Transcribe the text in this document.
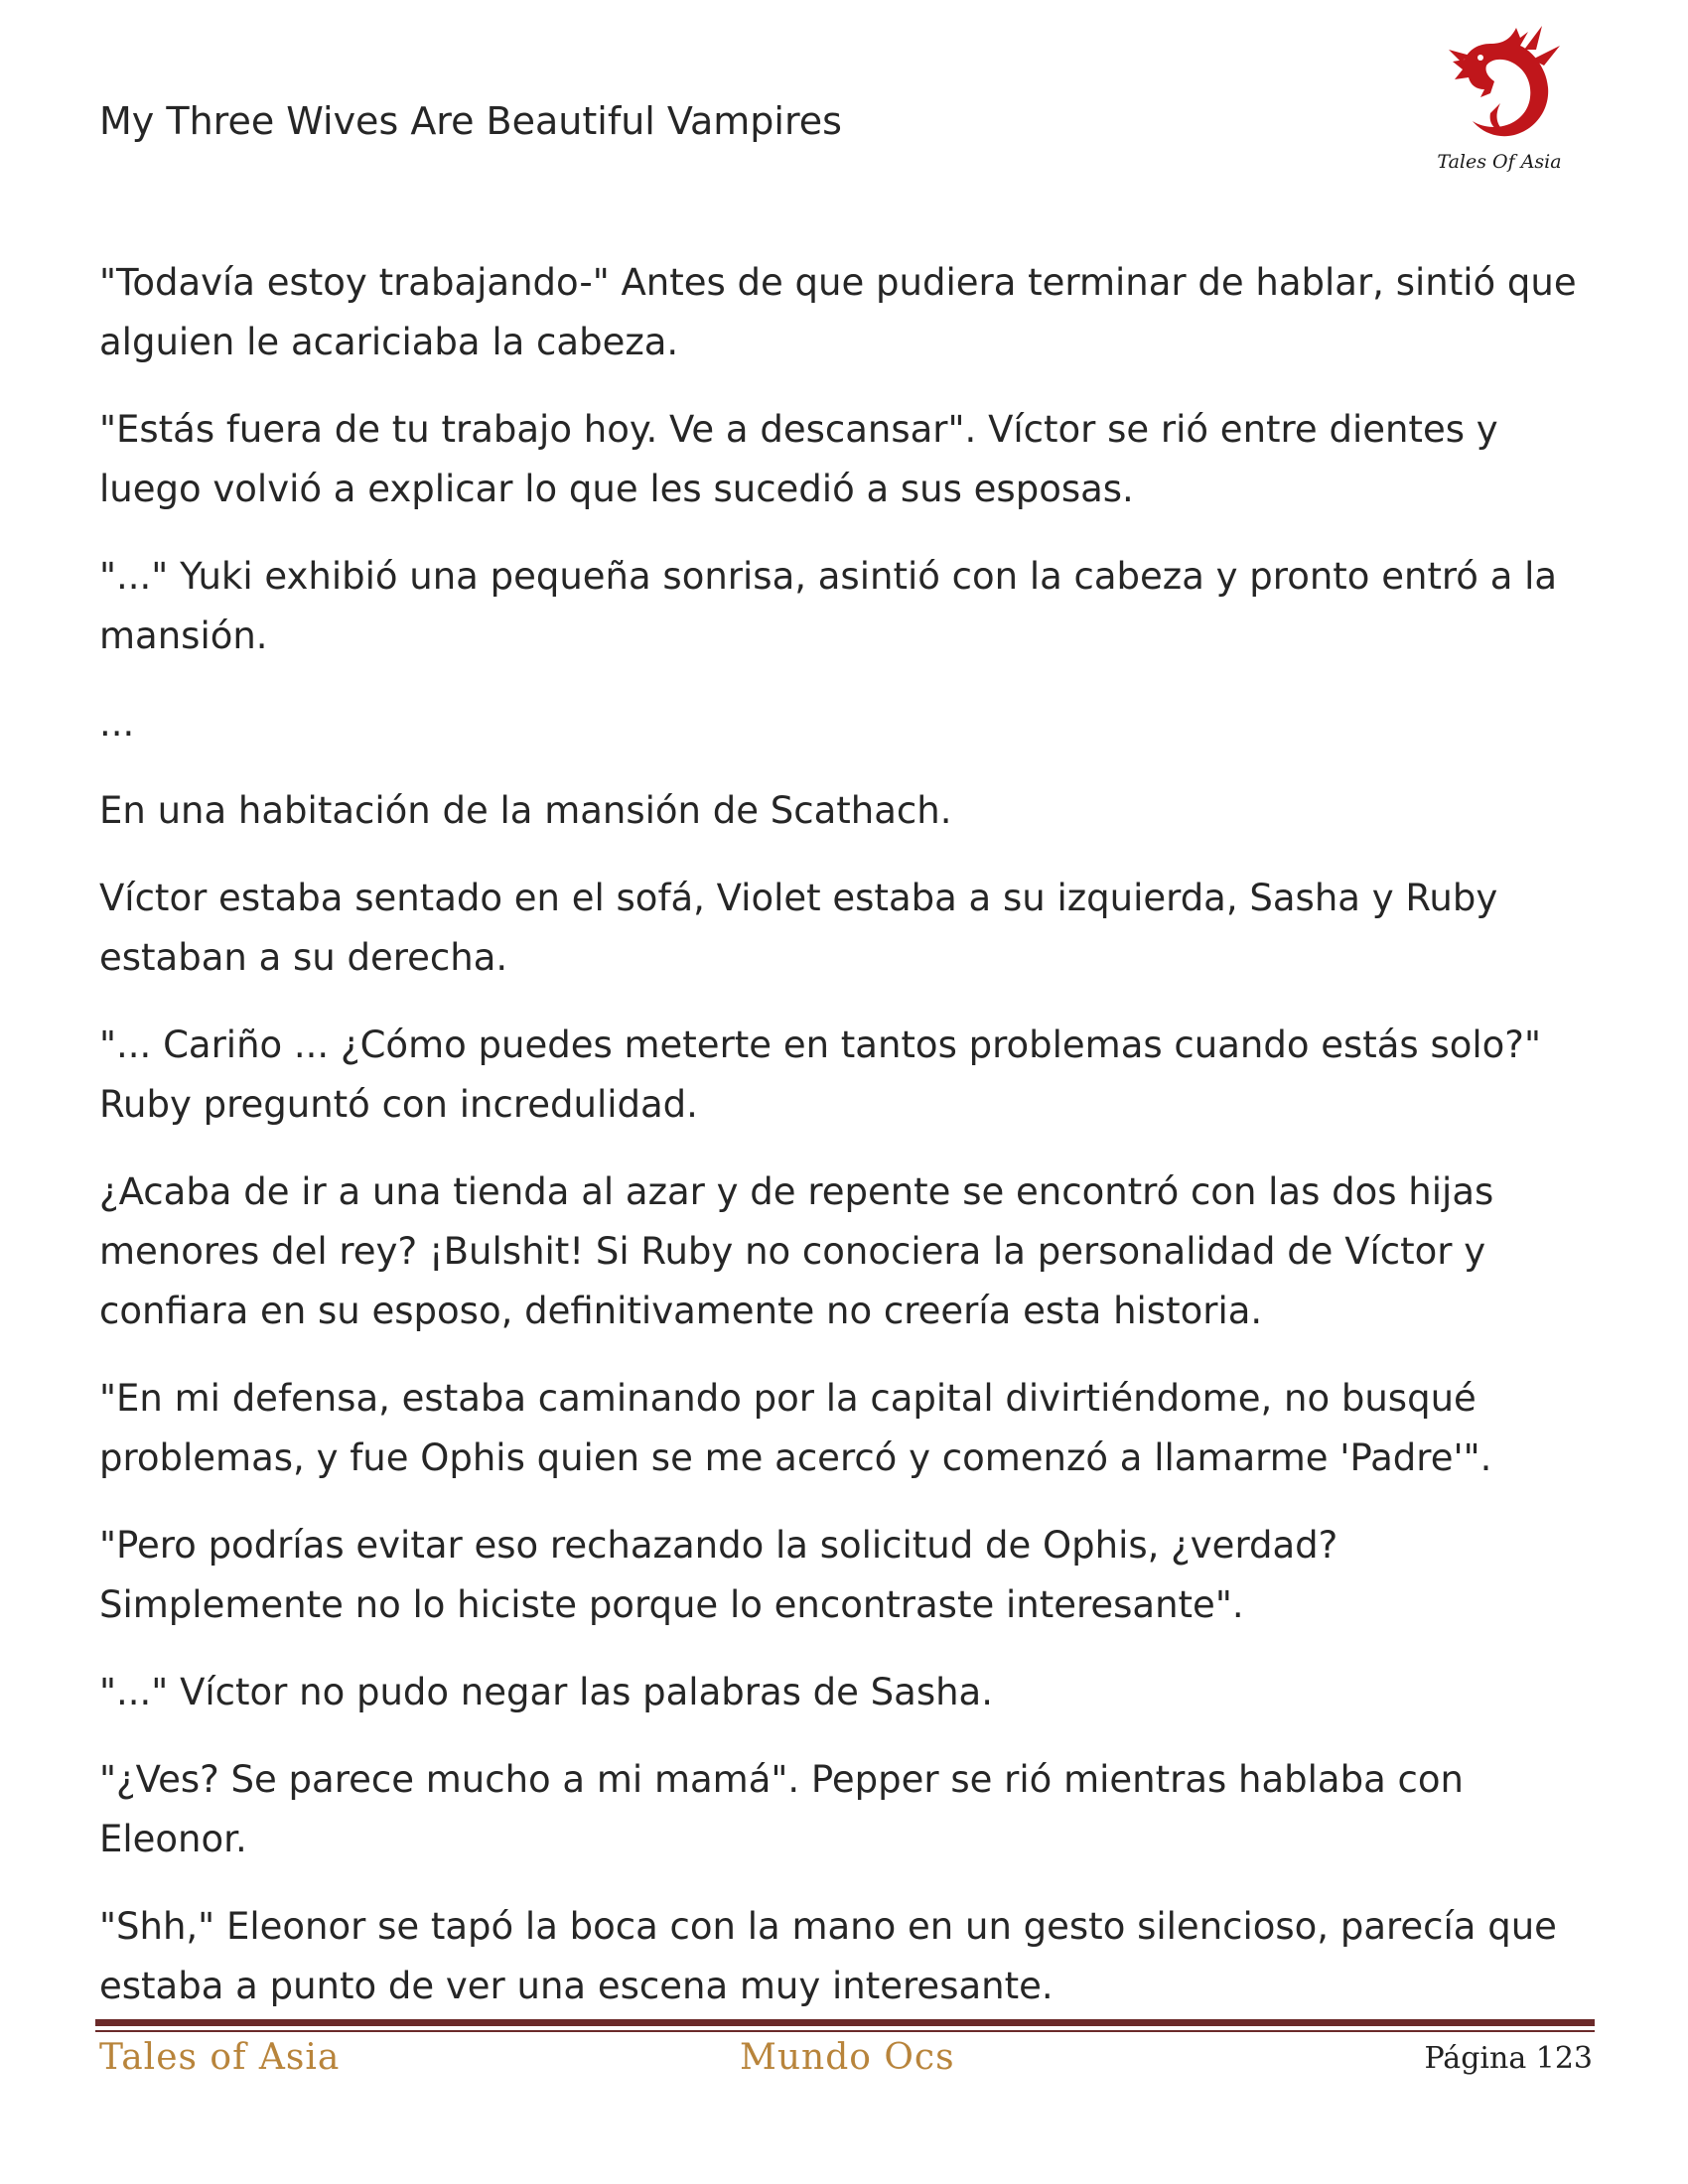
My Three Wives Are Beautiful Vampires
Tales Of Asia

"Todavía estoy trabajando-" Antes de que pudiera terminar de hablar, sintió que alguien le acariciaba la cabeza.

"Estás fuera de tu trabajo hoy. Ve a descansar". Víctor se rió entre dientes y luego volvió a explicar lo que les sucedió a sus esposas.

"..." Yuki exhibió una pequeña sonrisa, asintió con la cabeza y pronto entró a la mansión.

...

En una habitación de la mansión de Scathach.

Víctor estaba sentado en el sofá, Violet estaba a su izquierda, Sasha y Ruby estaban a su derecha.

"... Cariño ... ¿Cómo puedes meterte en tantos problemas cuando estás solo?" Ruby preguntó con incredulidad.

¿Acaba de ir a una tienda al azar y de repente se encontró con las dos hijas menores del rey? ¡Bulshit! Si Ruby no conociera la personalidad de Víctor y confiara en su esposo, definitivamente no creería esta historia.

"En mi defensa, estaba caminando por la capital divirtiéndome, no busqué problemas, y fue Ophis quien se me acercó y comenzó a llamarme 'Padre'".

"Pero podrías evitar eso rechazando la solicitud de Ophis, ¿verdad? Simplemente no lo hiciste porque lo encontraste interesante".

"..." Víctor no pudo negar las palabras de Sasha.

"¿Ves? Se parece mucho a mi mamá". Pepper se rió mientras hablaba con Eleonor.

"Shh," Eleonor se tapó la boca con la mano en un gesto silencioso, parecía que estaba a punto de ver una escena muy interesante.

Tales of Asia	Mundo Ocs	Página 123
